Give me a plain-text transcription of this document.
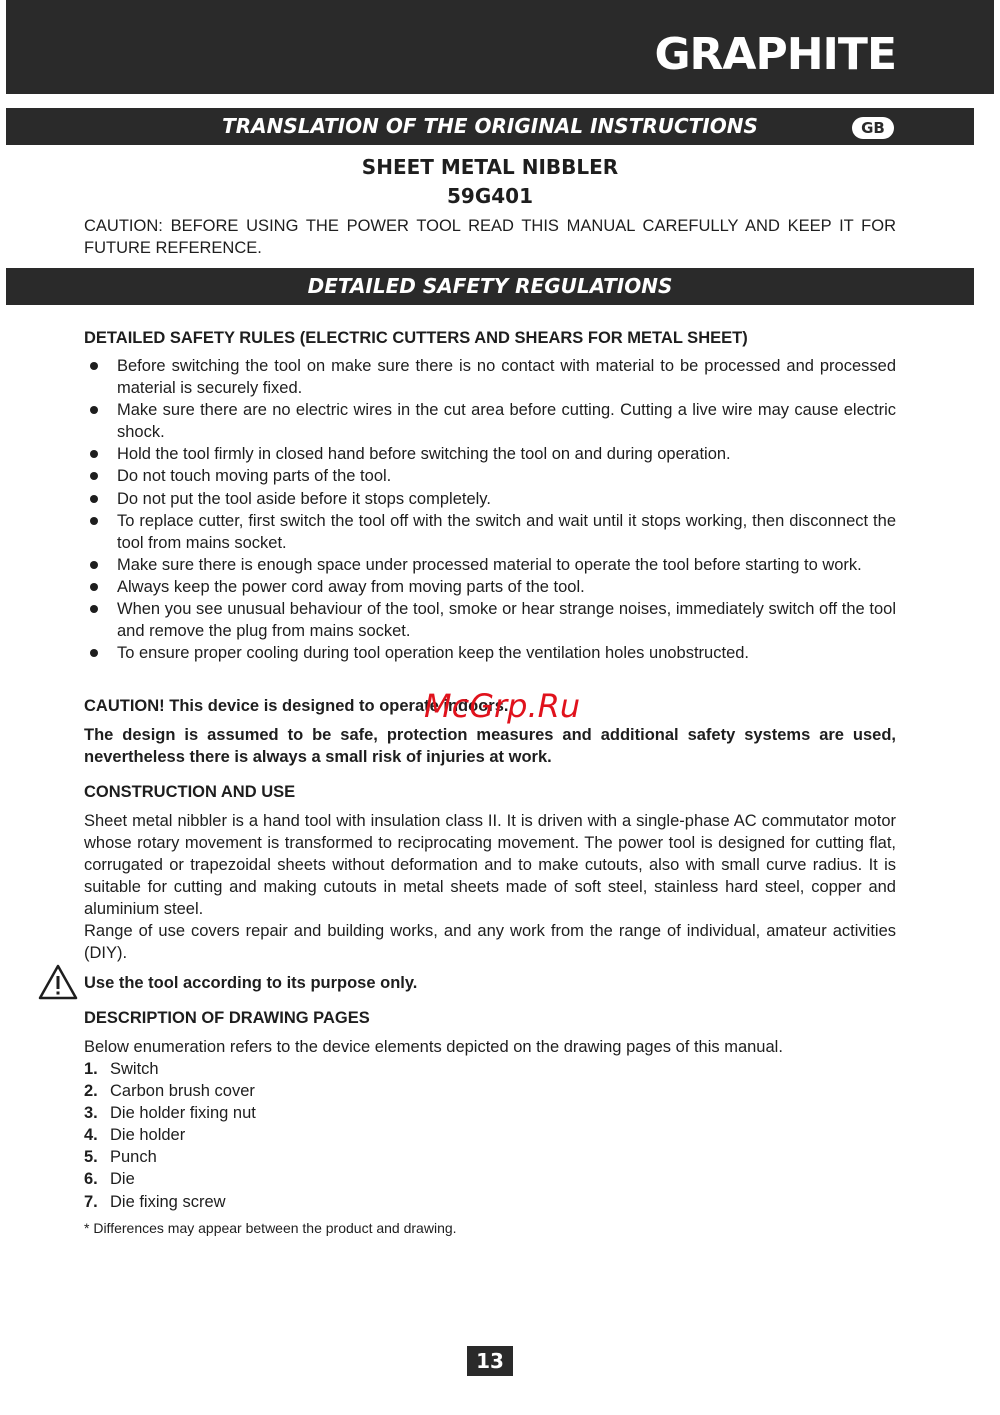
GRAPHITE
TRANSLATION OF THE ORIGINAL INSTRUCTIONS	GB
SHEET METAL NIBBLER
59G401

CAUTION: BEFORE USING THE POWER TOOL READ THIS MANUAL CAREFULLY AND KEEP IT FOR FUTURE REFERENCE.

DETAILED SAFETY REGULATIONS
DETAILED SAFETY RULES (ELECTRIC CUTTERS AND SHEARS FOR METAL SHEET)
Before switching the tool on make sure there is no contact with material to be processed and processed material is securely fixed.
Make sure there are no electric wires in the cut area before cutting. Cutting a live wire may cause electric shock.
Hold the tool firmly in closed hand before switching the tool on and during operation.
Do not touch moving parts of the tool.
Do not put the tool aside before it stops completely.
To replace cutter, first switch the tool off with the switch and wait until it stops working, then disconnect the tool from mains socket.
Make sure there is enough space under processed material to operate the tool before starting to work.
Always keep the power cord away from moving parts of the tool.
When you see unusual behaviour of the tool, smoke or hear strange noises, immediately switch off the tool and remove the plug from mains socket.
To ensure proper cooling during tool operation keep the ventilation holes unobstructed.
CAUTION! This device is designed to operate indoors.

The design is assumed to be safe, protection measures and additional safety systems are used, nevertheless there is always a small risk of injuries at work.

CONSTRUCTION AND USE

Sheet metal nibbler is a hand tool with insulation class II. It is driven with a single-phase AC commutator motor whose rotary movement is transformed to reciprocating movement. The power tool is designed for cutting flat, corrugated or trapezoidal sheets without deformation and to make cutouts, also with small curve radius. It is suitable for cutting and making cutouts in metal sheets made of soft steel, stainless hard steel, copper and aluminium steel.

Range of use covers repair and building works, and any work from the range of individual, amateur activities (DIY).

Use the tool according to its purpose only.
DESCRIPTION OF DRAWING PAGES

Below enumeration refers to the device elements depicted on the drawing pages of this manual.

1. Switch
2. Carbon brush cover
3. Die holder fixing nut
4. Die holder
5. Punch
6. Die
7. Die fixing screw
* Differences may appear between the product and drawing.
McGrp.Ru
13
